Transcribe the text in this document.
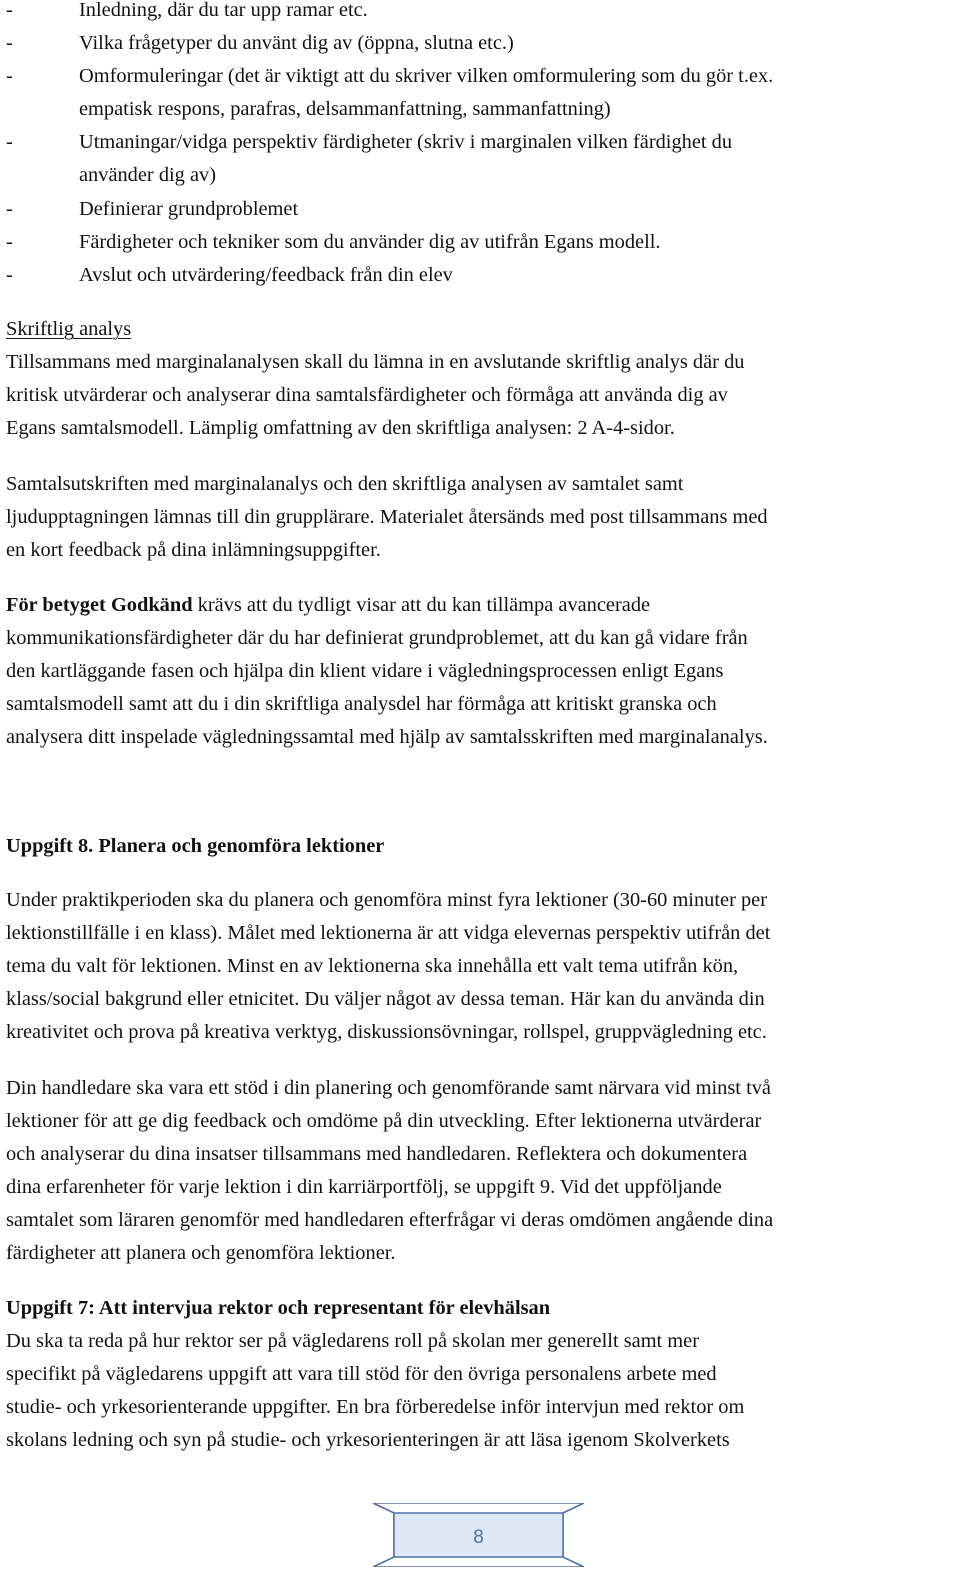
-	Inledning, där du tar upp ramar etc.
-	Vilka frågetyper du använt dig av (öppna, slutna etc.)
-	Omformuleringar (det är viktigt att du skriver vilken omformulering som du gör t.ex.
empatisk respons, parafras, delsammanfattning, sammanfattning)
-	Utmaningar/vidga perspektiv färdigheter (skriv i marginalen vilken färdighet du
använder dig av)
-	Definierar grundproblemet
-	Färdigheter och tekniker som du använder dig av utifrån Egans modell.
-	Avslut och utvärdering/feedback från din elev
Skriftlig analys
Tillsammans med marginalanalysen skall du lämna in en avslutande skriftlig analys där du
kritisk utvärderar och analyserar dina samtalsfärdigheter och förmåga att använda dig av
Egans samtalsmodell. Lämplig omfattning av den skriftliga analysen: 2 A-4-sidor.
Samtalsutskriften med marginalanalys och den skriftliga analysen av samtalet samt
ljudupptagningen lämnas till din grupplärare. Materialet återsänds med post tillsammans med
en kort feedback på dina inlämningsuppgifter.
För betyget Godkänd krävs att du tydligt visar att du kan tillämpa avancerade
kommunikationsfärdigheter där du har definierat grundproblemet, att du kan gå vidare från
den kartläggande fasen och hjälpa din klient vidare i vägledningsprocessen enligt Egans
samtalsmodell samt att du i din skriftliga analysdel har förmåga att kritiskt granska och
analysera ditt inspelade vägledningssamtal med hjälp av samtalsskriften med marginalanalys.
Uppgift 8. Planera och genomföra lektioner
Under praktikperioden ska du planera och genomföra minst fyra lektioner (30-60 minuter per
lektionstillfälle i en klass). Målet med lektionerna är att vidga elevernas perspektiv utifrån det
tema du valt för lektionen. Minst en av lektionerna ska innehålla ett valt tema utifrån kön,
klass/social bakgrund eller etnicitet. Du väljer något av dessa teman. Här kan du använda din
kreativitet och prova på kreativa verktyg, diskussionsövningar, rollspel, gruppvägledning etc.
Din handledare ska vara ett stöd i din planering och genomförande samt närvara vid minst två
lektioner för att ge dig feedback och omdöme på din utveckling. Efter lektionerna utvärderar
och analyserar du dina insatser tillsammans med handledaren. Reflektera och dokumentera
dina erfarenheter för varje lektion i din karriärportfölj, se uppgift 9. Vid det uppföljande
samtalet som läraren genomför med handledaren efterfrågar vi deras omdömen angående dina
färdigheter att planera och genomföra lektioner.
Uppgift 7: Att intervjua rektor och representant för elevhälsan
Du ska ta reda på hur rektor ser på vägledarens roll på skolan mer generellt samt mer
specifikt på vägledarens uppgift att vara till stöd för den övriga personalens arbete med
studie- och yrkesorienterande uppgifter. En bra förberedelse inför intervjun med rektor om
skolans ledning och syn på studie- och yrkesorienteringen är att läsa igenom Skolverkets
8
